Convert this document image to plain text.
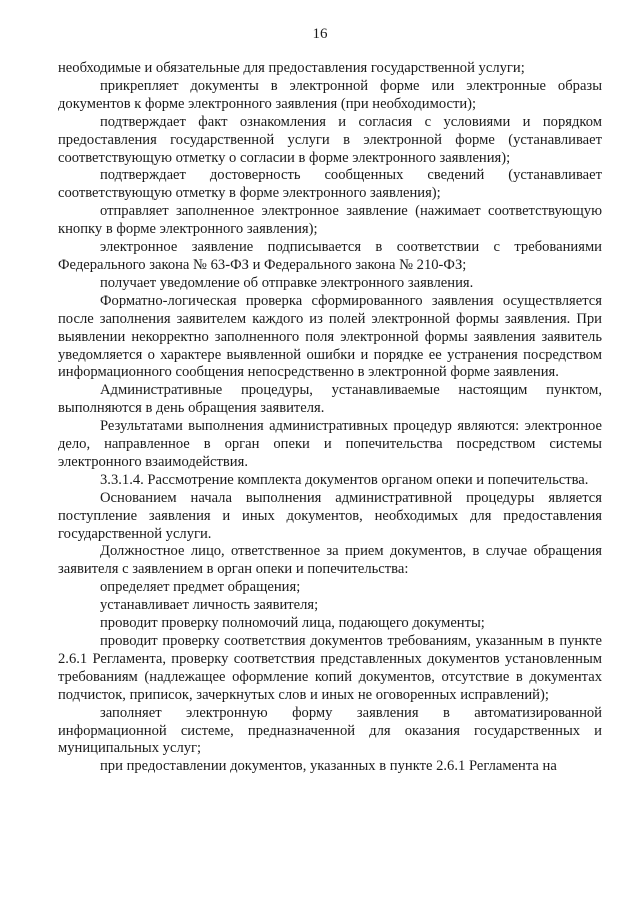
16

необходимые и обязательные для предоставления государственной услуги;

прикрепляет документы в электронной форме или электронные образы документов к форме электронного заявления (при необходимости);

подтверждает факт ознакомления и согласия с условиями и порядком предоставления государственной услуги в электронной форме (устанавливает соответствующую отметку о согласии в форме электронного заявления);

подтверждает достоверность сообщенных сведений (устанавливает соответствующую отметку в форме электронного заявления);

отправляет заполненное электронное заявление (нажимает соответствующую кнопку в форме электронного заявления);

электронное заявление подписывается в соответствии с требованиями Федерального закона № 63-ФЗ и Федерального закона № 210-ФЗ;

получает уведомление об отправке электронного заявления.

Форматно-логическая проверка сформированного заявления осуществляется после заполнения заявителем каждого из полей электронной формы заявления. При выявлении некорректно заполненного поля электронной формы заявления заявитель уведомляется о характере выявленной ошибки и порядке ее устранения посредством информационного сообщения непосредственно в электронной форме заявления.

Административные процедуры, устанавливаемые настоящим пунктом, выполняются в день обращения заявителя.

Результатами выполнения административных процедур являются: электронное дело, направленное в орган опеки и попечительства посредством системы электронного взаимодействия.

3.3.1.4. Рассмотрение комплекта документов органом опеки и попечительства.

Основанием начала выполнения административной процедуры является поступление заявления и иных документов, необходимых для предоставления государственной услуги.

Должностное лицо, ответственное за прием документов, в случае обращения заявителя с заявлением в орган опеки и попечительства:

определяет предмет обращения;

устанавливает личность заявителя;

проводит проверку полномочий лица, подающего документы;

проводит проверку соответствия документов требованиям, указанным в пункте 2.6.1 Регламента, проверку соответствия представленных документов установленным требованиям (надлежащее оформление копий документов, отсутствие в документах подчисток, приписок, зачеркнутых слов и иных не оговоренных исправлений);

заполняет электронную форму заявления в автоматизированной информационной системе, предназначенной для оказания государственных и муниципальных услуг;

при предоставлении документов, указанных в пункте 2.6.1 Регламента на
